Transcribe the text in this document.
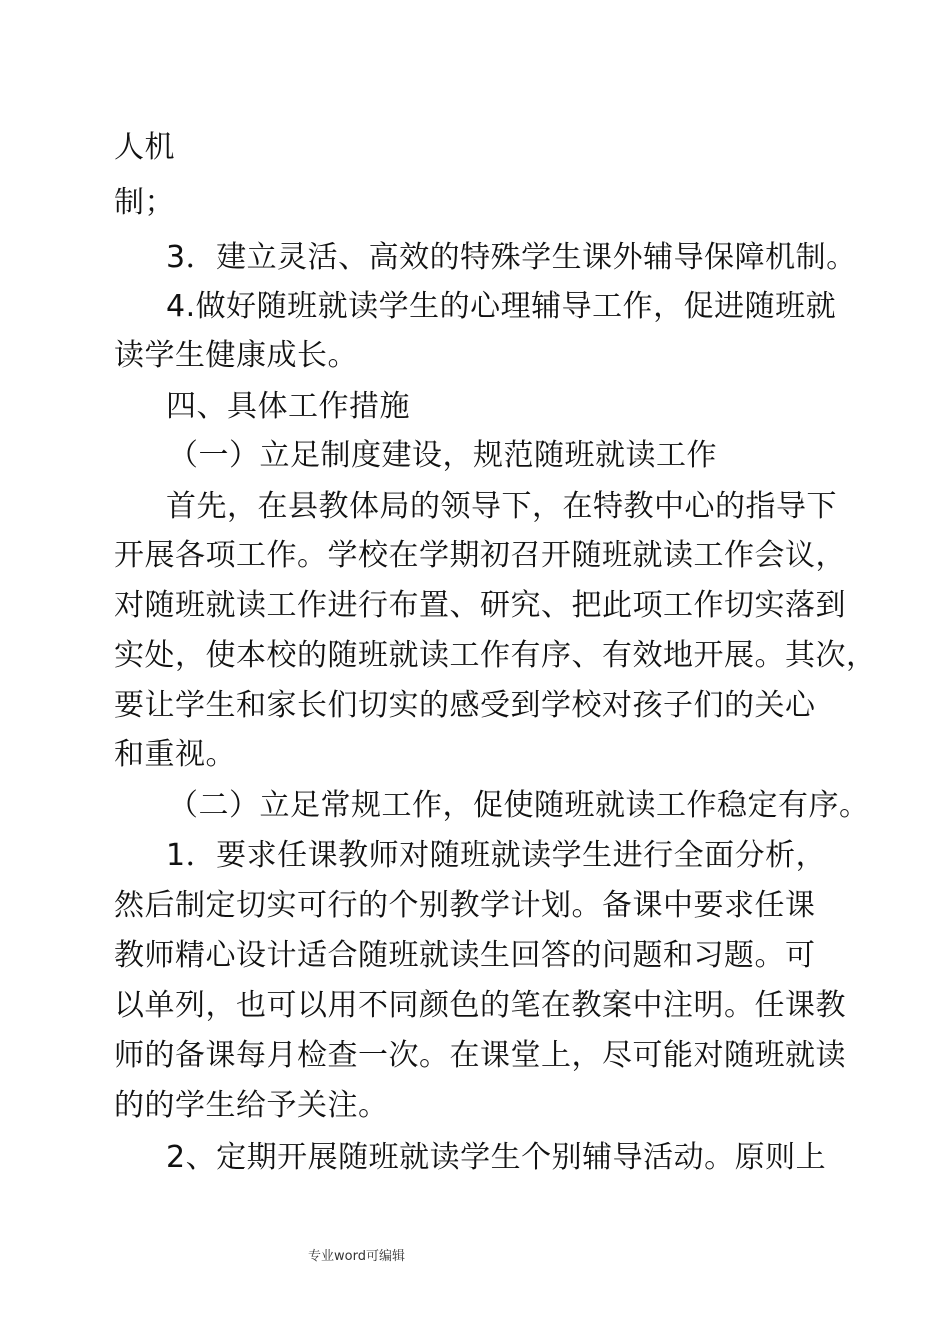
人机
制；
3．建立灵活、高效的特殊学生课外辅导保障机制。
4.做好随班就读学生的心理辅导工作，促进随班就
读学生健康成长。
四、具体工作措施
（一）立足制度建设，规范随班就读工作
首先，在县教体局的领导下，在特教中心的指导下
开展各项工作。学校在学期初召开随班就读工作会议，
对随班就读工作进行布置、研究、把此项工作切实落到
实处，使本校的随班就读工作有序、有效地开展。其次，
要让学生和家长们切实的感受到学校对孩子们的关心
和重视。
（二）立足常规工作，促使随班就读工作稳定有序。
1．要求任课教师对随班就读学生进行全面分析，
然后制定切实可行的个别教学计划。备课中要求任课
教师精心设计适合随班就读生回答的问题和习题。可
以单列，也可以用不同颜色的笔在教案中注明。任课教
师的备课每月检查一次。在课堂上，尽可能对随班就读
的的学生给予关注。
2、定期开展随班就读学生个别辅导活动。原则上
专业word可编辑
